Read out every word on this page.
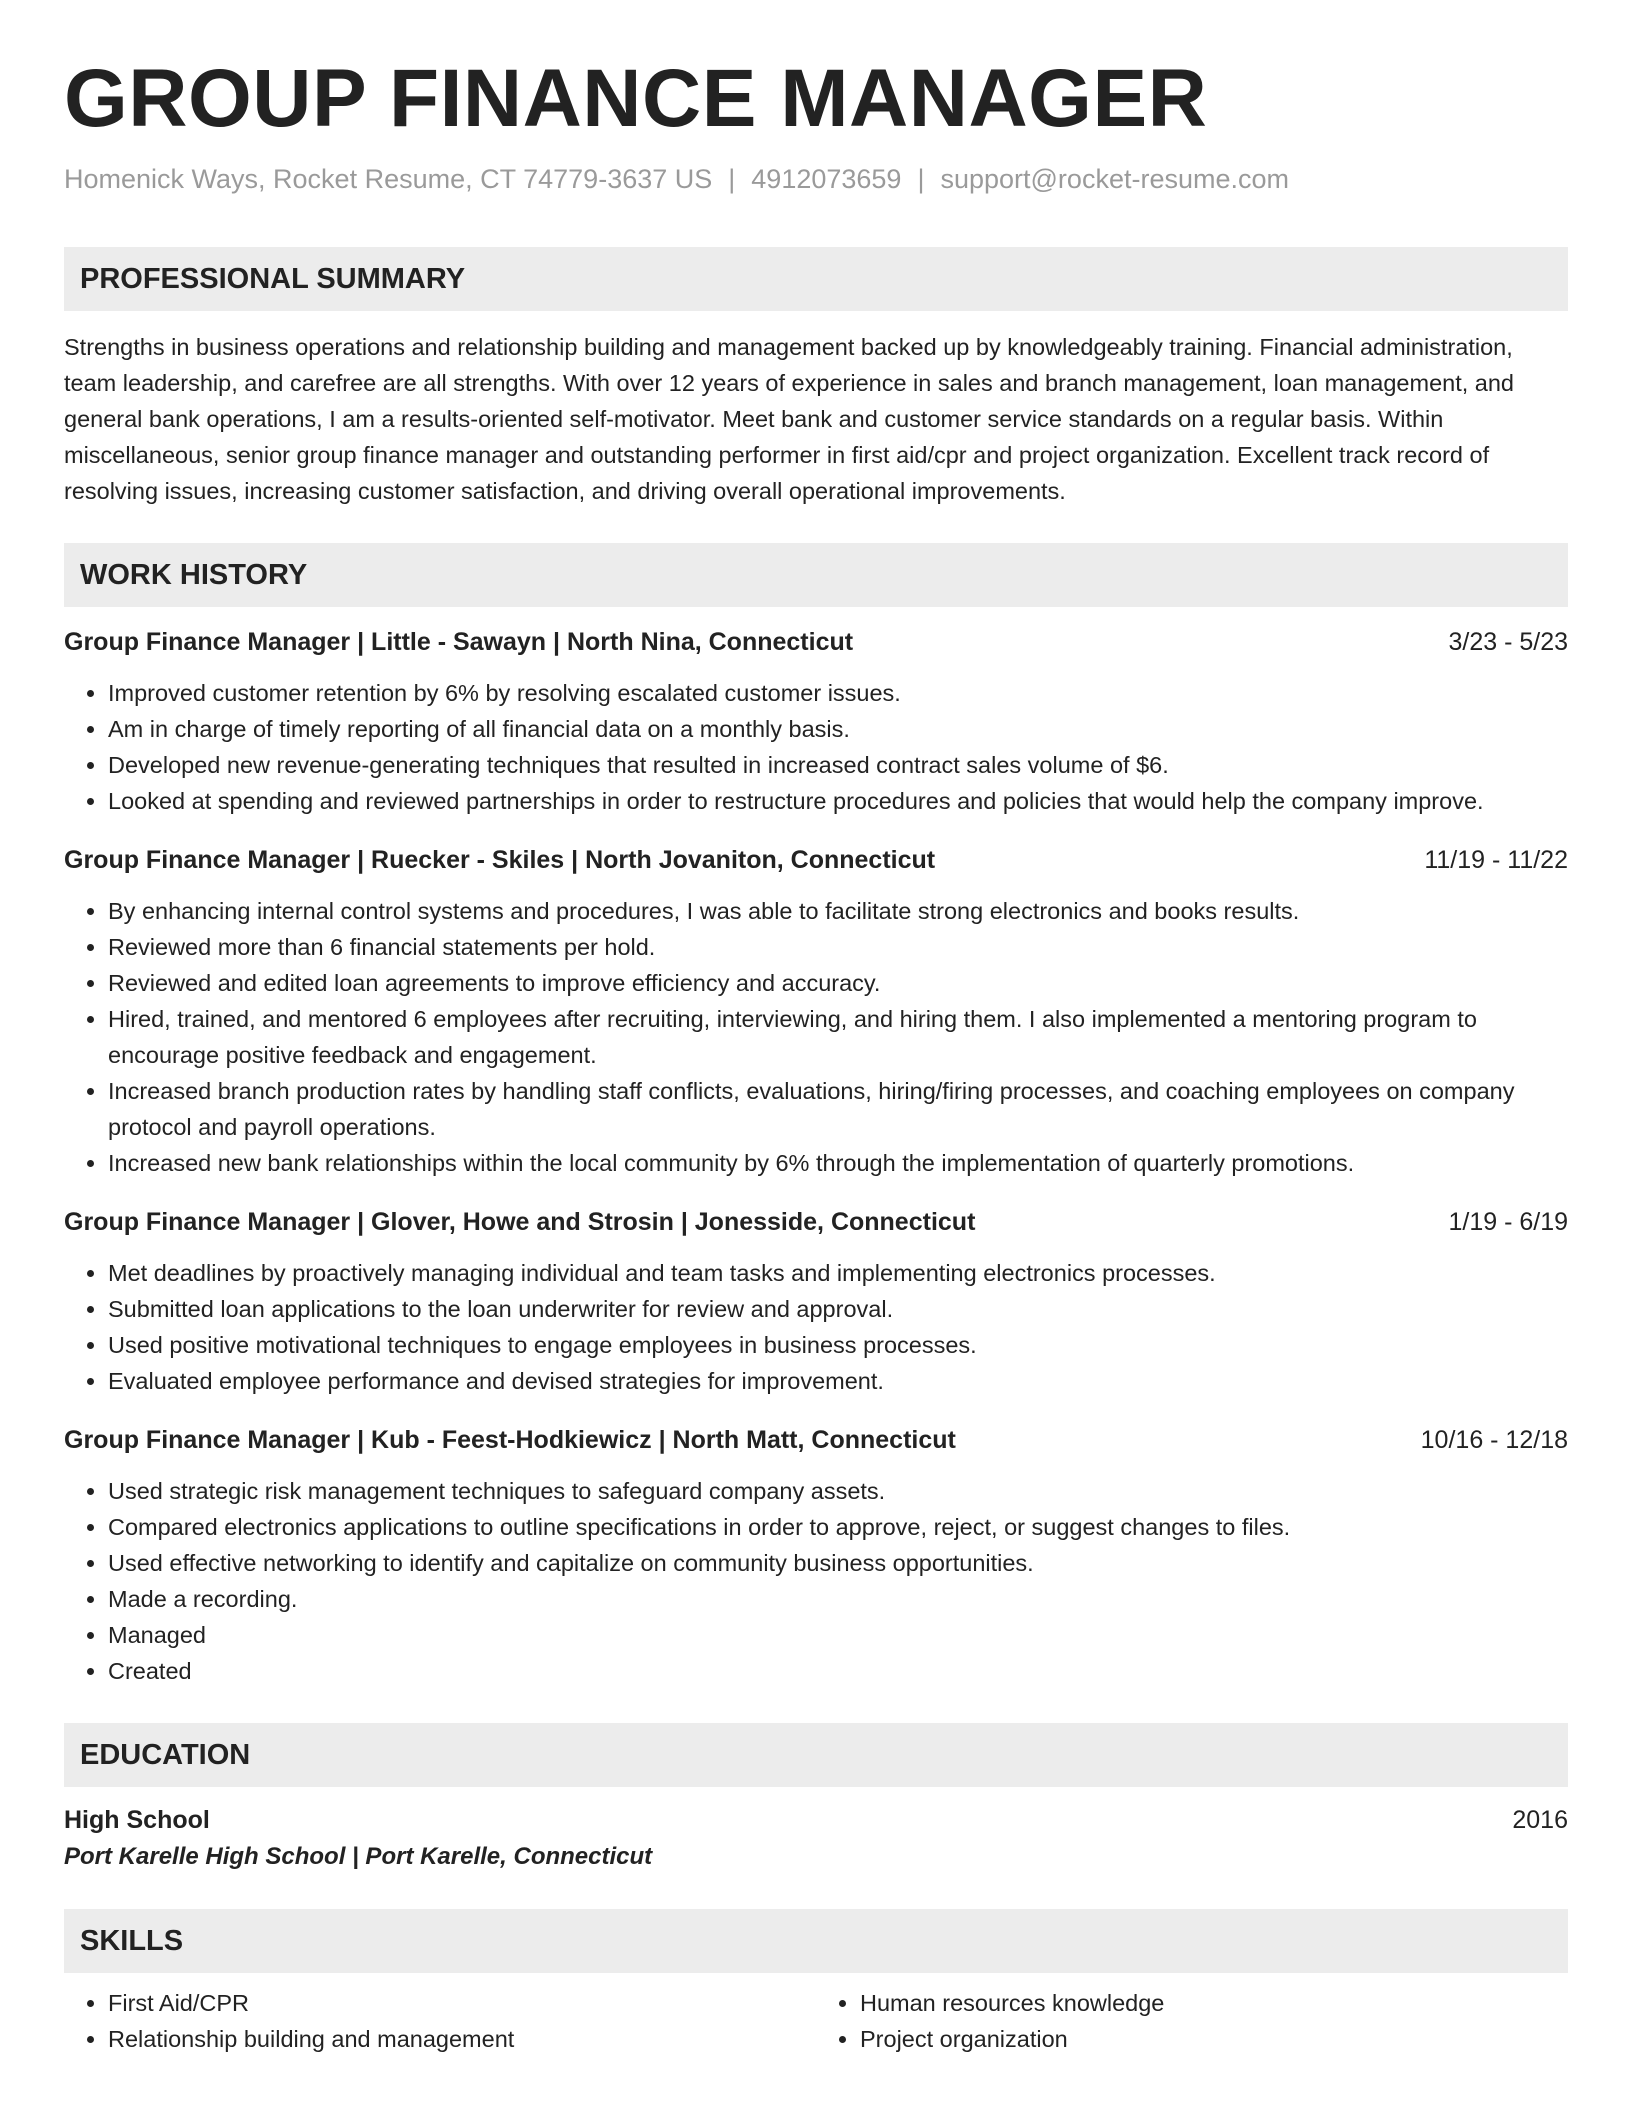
GROUP FINANCE MANAGER
Homenick Ways, Rocket Resume, CT 74779-3637 US | 4912073659 | support@rocket-resume.com
PROFESSIONAL SUMMARY
Strengths in business operations and relationship building and management backed up by knowledgeably training. Financial administration, team leadership, and carefree are all strengths. With over 12 years of experience in sales and branch management, loan management, and general bank operations, I am a results-oriented self-motivator. Meet bank and customer service standards on a regular basis. Within miscellaneous, senior group finance manager and outstanding performer in first aid/cpr and project organization. Excellent track record of resolving issues, increasing customer satisfaction, and driving overall operational improvements.
WORK HISTORY
Group Finance Manager | Little - Sawayn | North Nina, Connecticut	3/23 - 5/23
• Improved customer retention by 6% by resolving escalated customer issues.
• Am in charge of timely reporting of all financial data on a monthly basis.
• Developed new revenue-generating techniques that resulted in increased contract sales volume of $6.
• Looked at spending and reviewed partnerships in order to restructure procedures and policies that would help the company improve.
Group Finance Manager | Ruecker - Skiles | North Jovaniton, Connecticut	11/19 - 11/22
• By enhancing internal control systems and procedures, I was able to facilitate strong electronics and books results.
• Reviewed more than 6 financial statements per hold.
• Reviewed and edited loan agreements to improve efficiency and accuracy.
• Hired, trained, and mentored 6 employees after recruiting, interviewing, and hiring them. I also implemented a mentoring program to encourage positive feedback and engagement.
• Increased branch production rates by handling staff conflicts, evaluations, hiring/firing processes, and coaching employees on company protocol and payroll operations.
• Increased new bank relationships within the local community by 6% through the implementation of quarterly promotions.
Group Finance Manager | Glover, Howe and Strosin | Jonesside, Connecticut	1/19 - 6/19
• Met deadlines by proactively managing individual and team tasks and implementing electronics processes.
• Submitted loan applications to the loan underwriter for review and approval.
• Used positive motivational techniques to engage employees in business processes.
• Evaluated employee performance and devised strategies for improvement.
Group Finance Manager | Kub - Feest-Hodkiewicz | North Matt, Connecticut	10/16 - 12/18
• Used strategic risk management techniques to safeguard company assets.
• Compared electronics applications to outline specifications in order to approve, reject, or suggest changes to files.
• Used effective networking to identify and capitalize on community business opportunities.
• Made a recording.
• Managed
• Created
EDUCATION
High School	2016
Port Karelle High School | Port Karelle, Connecticut
SKILLS
• First Aid/CPR
• Relationship building and management
• Human resources knowledge
• Project organization
